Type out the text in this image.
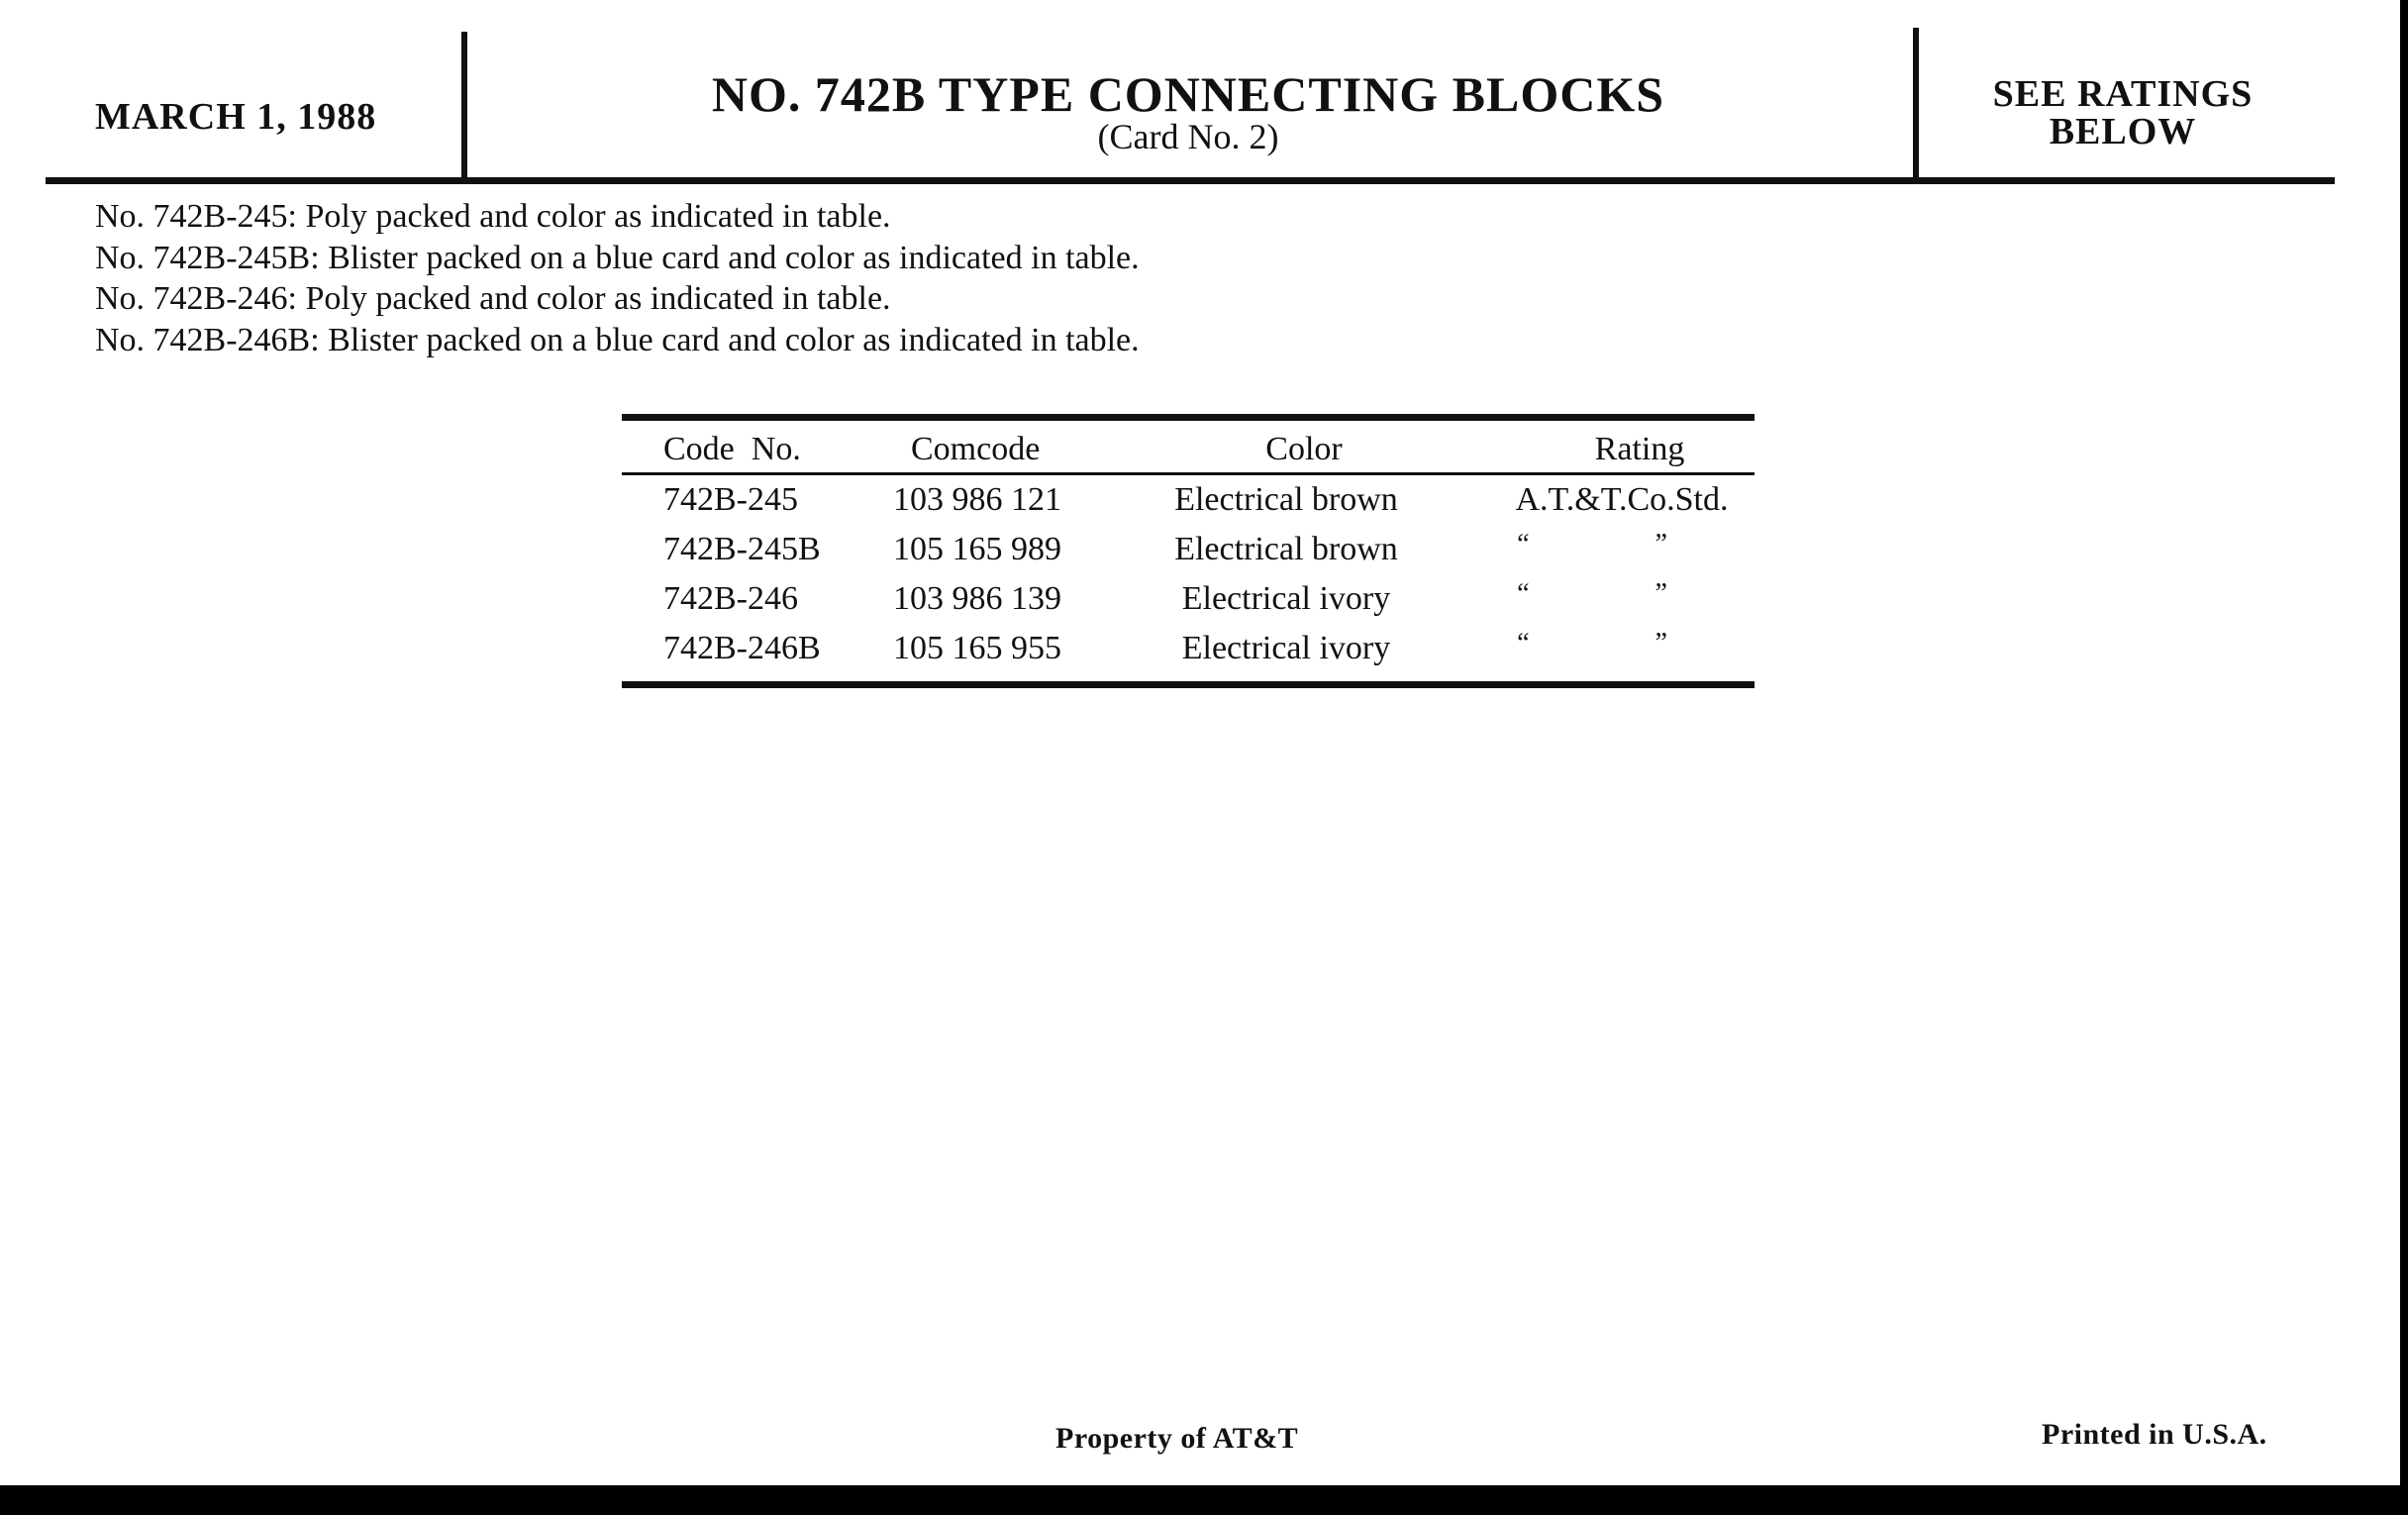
MARCH 1, 1988	NO. 742B TYPE CONNECTING BLOCKS
(Card No. 2)
SEE RATINGS
BELOW
No. 742B-245: Poly packed and color as indicated in table.
No. 742B-245B: Blister packed on a blue card and color as indicated in table.
No. 742B-246: Poly packed and color as indicated in table.
No. 742B-246B: Blister packed on a blue card and color as indicated in table.
Code  No.	Comcode	Color	Rating
742B-245	103 986 121	Electrical brown	A.T.&T.Co.Std.
742B-245B	105 165 989	Electrical brown	“ ”
742B-246	103 986 139	Electrical ivory	“ ”
742B-246B	105 165 955	Electrical ivory	“ ”
Property of AT&T	Printed in U.S.A.
